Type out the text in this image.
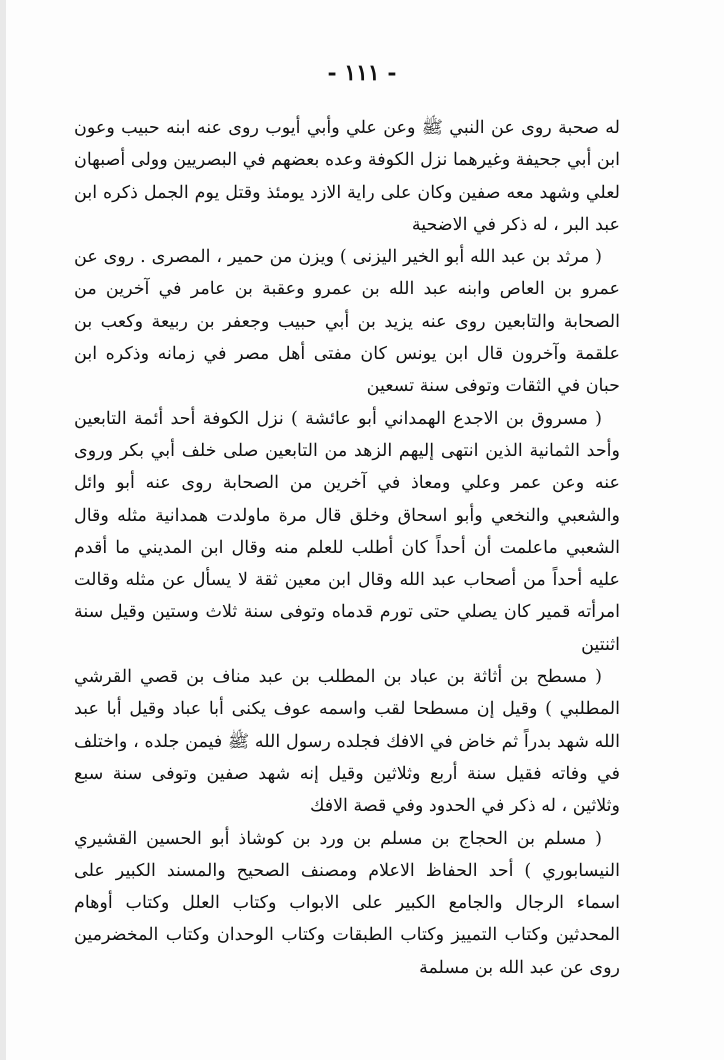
- ١١١ -

له صحبة روى عن النبي ﷺ وعن علي وأبي أيوب روى عنه ابنه حبيب وعون ابن أبي جحيفة وغيرهما نزل الكوفة وعده بعضهم في البصريين وولى أصبهان لعلي وشهد معه صفين وكان على راية الازد يومئذ وقتل يوم الجمل ذكره ابن عبد البر ، له ذكر في الاضحية

( مرثد بن عبد الله أبو الخير اليزنى ) ويزن من حمير ، المصرى . روى عن عمرو بن العاص وابنه عبد الله بن عمرو وعقبة بن عامر في آخرين من الصحابة والتابعين روى عنه يزيد بن أبي حبيب وجعفر بن ربيعة وكعب بن علقمة وآخرون قال ابن يونس كان مفتى أهل مصر في زمانه وذكره ابن حبان في الثقات وتوفى سنة تسعين

( مسروق بن الاجدع الهمداني أبو عائشة ) نزل الكوفة أحد أئمة التابعين وأحد الثمانية الذين انتهى إليهم الزهد من التابعين صلى خلف أبي بكر وروى عنه وعن عمر وعلي ومعاذ في آخرين من الصحابة روى عنه أبو وائل والشعبي والنخعي وأبو اسحاق وخلق قال مرة ماولدت همدانية مثله وقال الشعبي ماعلمت أن أحداً كان أطلب للعلم منه وقال ابن المديني ما أقدم عليه أحداً من أصحاب عبد الله وقال ابن معين ثقة لا يسأل عن مثله وقالت امرأته قمير كان يصلي حتى تورم قدماه وتوفى سنة ثلاث وستين وقيل سنة اثنتين

( مسطح بن أثاثة بن عباد بن المطلب بن عبد مناف بن قصي القرشي المطلبي ) وقيل إن مسطحا لقب واسمه عوف يكنى أبا عباد وقيل أبا عبد الله شهد بدراً ثم خاض في الافك فجلده رسول الله ﷺ فيمن جلده ، واختلف في وفاته فقيل سنة أربع وثلاثين وقيل إنه شهد صفين وتوفى سنة سبع وثلاثين ، له ذكر في الحدود وفي قصة الافك

( مسلم بن الحجاج بن مسلم بن ورد بن كوشاذ أبو الحسين القشيري النيسابوري ) أحد الحفاظ الاعلام ومصنف الصحيح والمسند الكبير على اسماء الرجال والجامع الكبير على الابواب وكتاب العلل وكتاب أوهام المحدثين وكتاب التمييز وكتاب الطبقات وكتاب الوحدان وكتاب المخضرمين روى عن عبد الله بن مسلمة
